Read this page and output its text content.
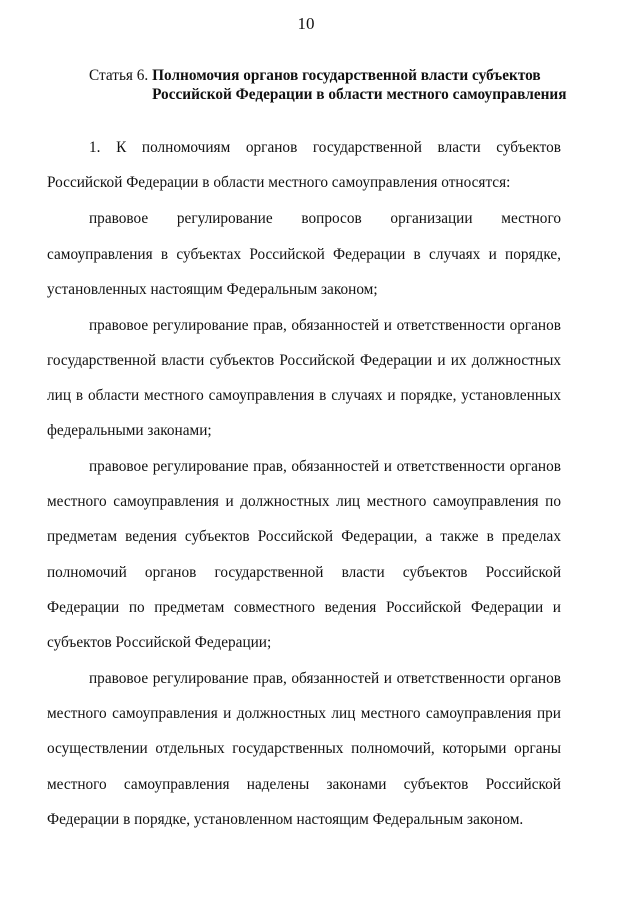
10
Статья 6. Полномочия органов государственной власти субъектов Российской Федерации в области местного самоуправления
1. К полномочиям органов государственной власти субъектов
Российской Федерации в области местного самоуправления относятся:
правовое регулирование вопросов организации местного
самоуправления в субъектах Российской Федерации в случаях и порядке,
установленных настоящим Федеральным законом;
правовое регулирование прав, обязанностей и ответственности органов
государственной власти субъектов Российской Федерации и их должностных
лиц в области местного самоуправления в случаях и порядке, установленных
федеральными законами;
правовое регулирование прав, обязанностей и ответственности органов
местного самоуправления и должностных лиц местного самоуправления по
предметам ведения субъектов Российской Федерации, а также в пределах
полномочий органов государственной власти субъектов Российской
Федерации по предметам совместного ведения Российской Федерации и
субъектов Российской Федерации;
правовое регулирование прав, обязанностей и ответственности органов
местного самоуправления и должностных лиц местного самоуправления при
осуществлении отдельных государственных полномочий, которыми органы
местного самоуправления наделены законами субъектов Российской
Федерации в порядке, установленном настоящим Федеральным законом.
